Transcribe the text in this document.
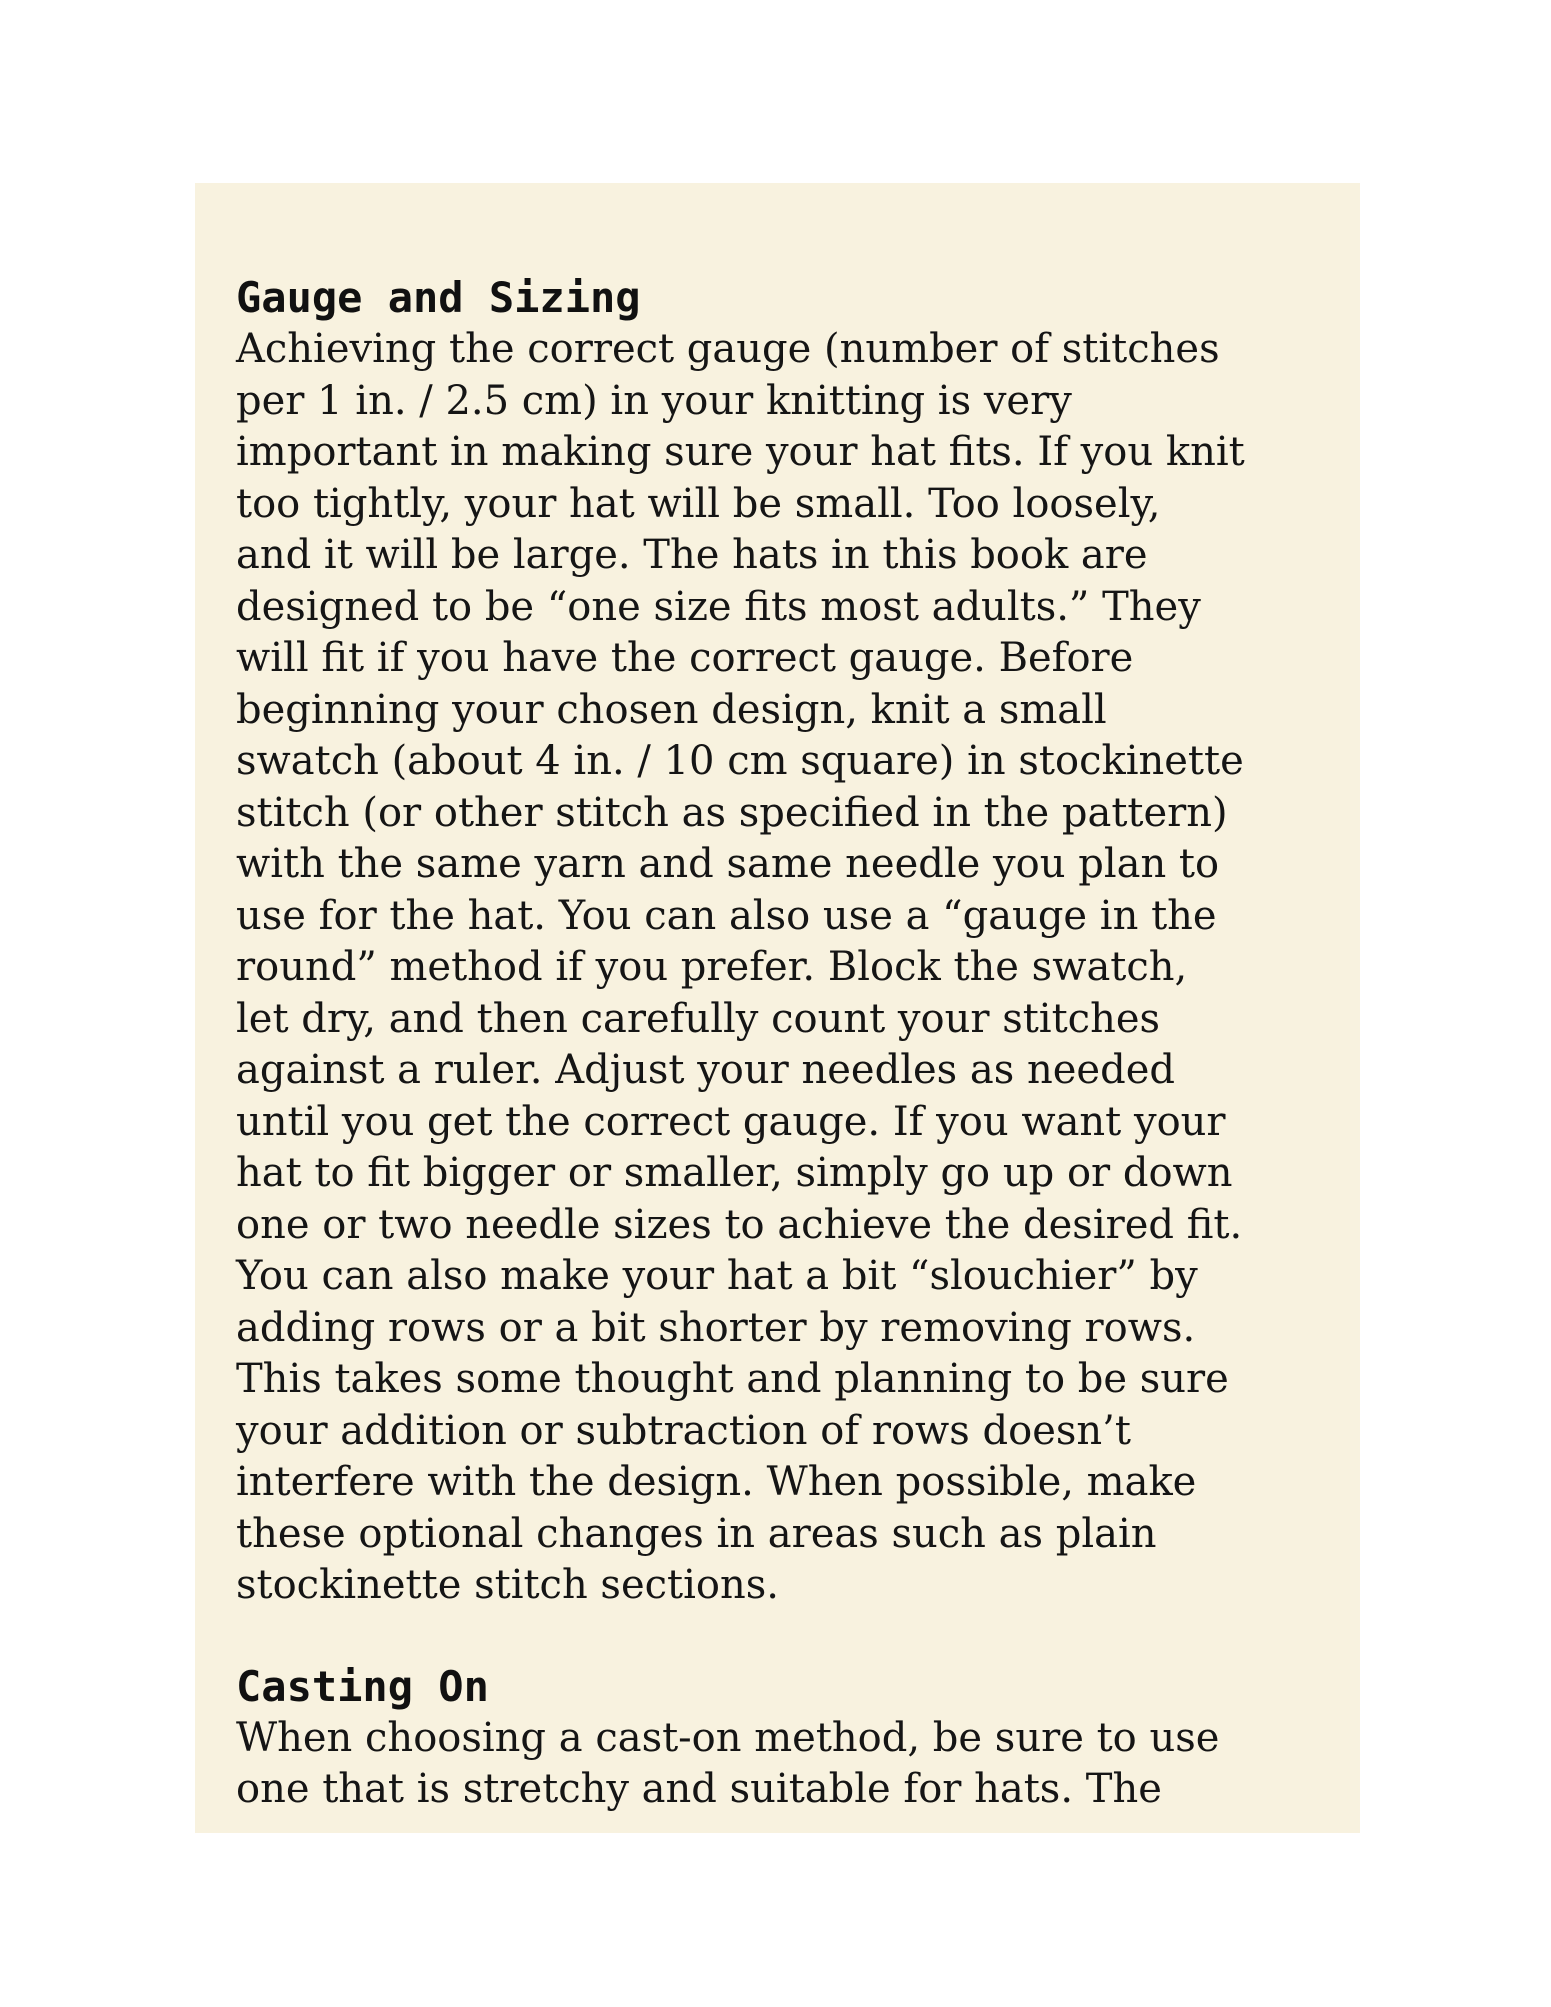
Gauge and Sizing

Achieving the correct gauge (number of stitches
per 1 in. / 2.5 cm) in your knitting is very
important in making sure your hat fits. If you knit
too tightly, your hat will be small. Too loosely,
and it will be large. The hats in this book are
designed to be “one size fits most adults.” They
will fit if you have the correct gauge. Before
beginning your chosen design, knit a small
swatch (about 4 in. / 10 cm square) in stockinette
stitch (or other stitch as specified in the pattern)
with the same yarn and same needle you plan to
use for the hat. You can also use a “gauge in the
round” method if you prefer. Block the swatch,
let dry, and then carefully count your stitches
against a ruler. Adjust your needles as needed
until you get the correct gauge. If you want your
hat to fit bigger or smaller, simply go up or down
one or two needle sizes to achieve the desired fit.
You can also make your hat a bit “slouchier” by
adding rows or a bit shorter by removing rows.
This takes some thought and planning to be sure
your addition or subtraction of rows doesn’t
interfere with the design. When possible, make
these optional changes in areas such as plain
stockinette stitch sections.

Casting On

When choosing a cast-on method, be sure to use
one that is stretchy and suitable for hats. The
